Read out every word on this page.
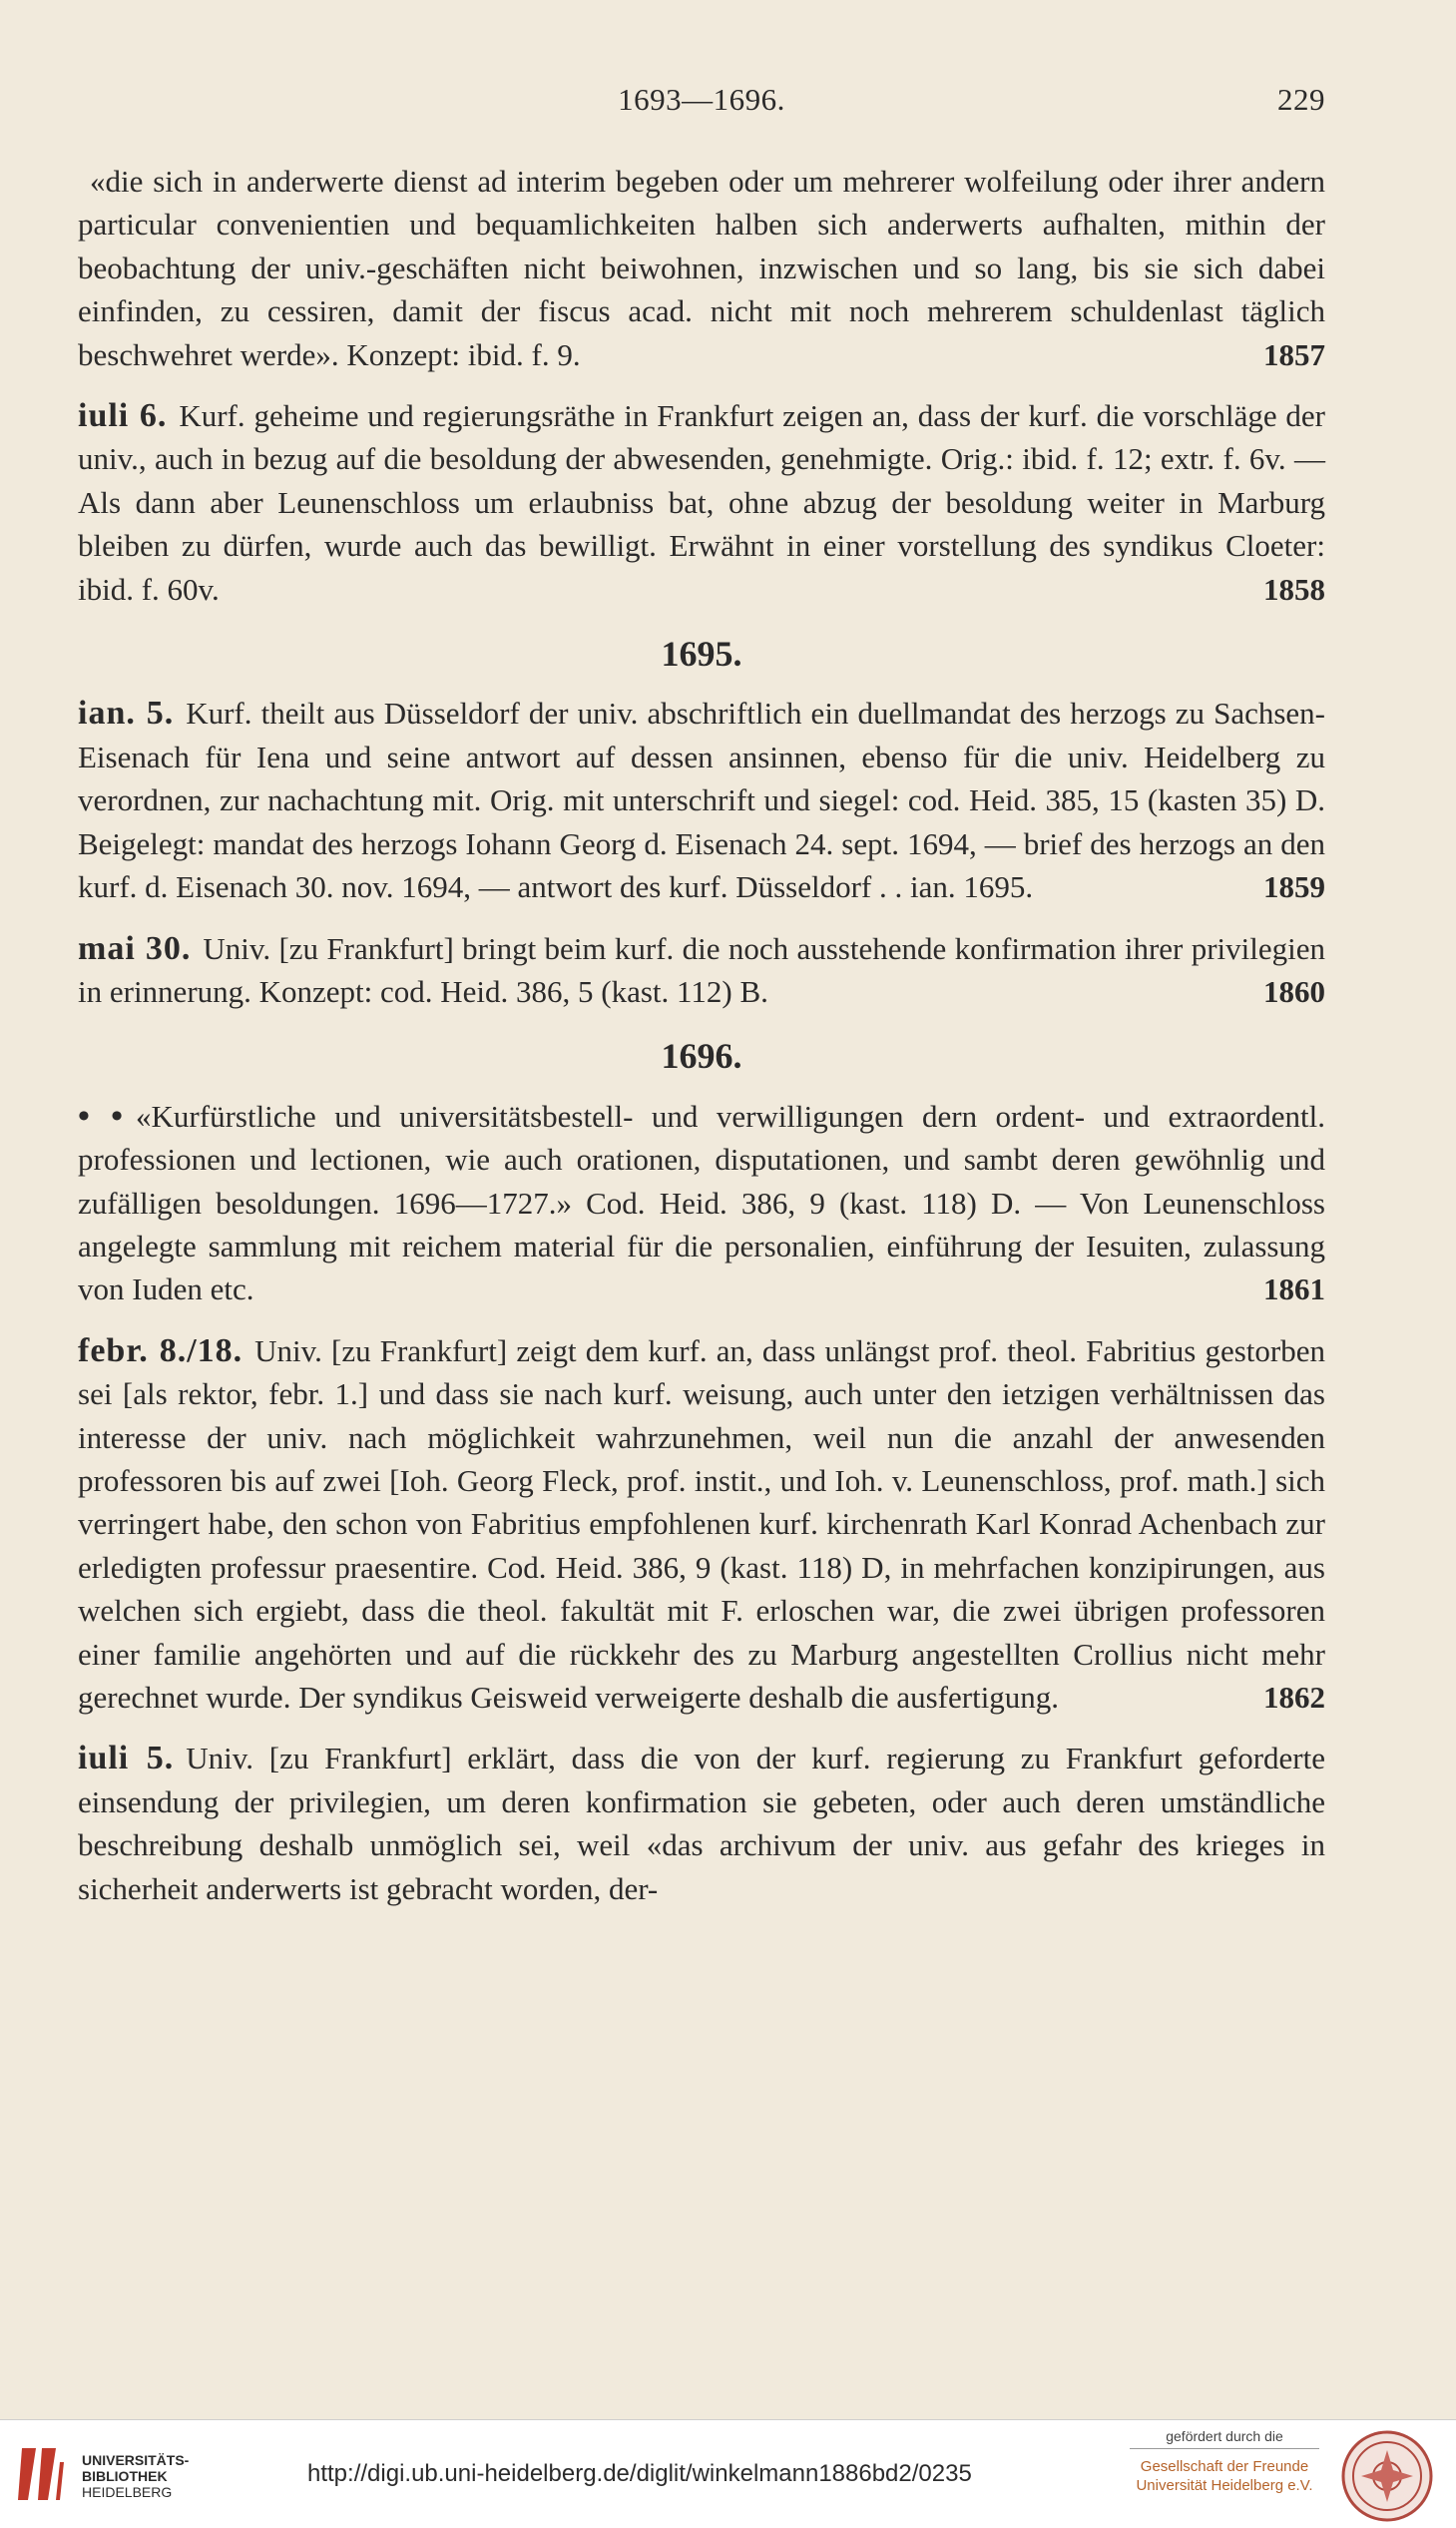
1693—1696.	229

«die sich in anderwerte dienst ad interim begeben oder um mehrerer wolfeilung oder ihrer andern particular convenientien und bequamlichkeiten halben sich anderwerts aufhalten, mithin der beobachtung der univ.-geschäften nicht beiwohnen, inzwischen und so lang, bis sie sich dabei einfinden, zu cessiren, damit der fiscus acad. nicht mit noch mehrerem schuldenlast täglich beschwehret werde». Konzept: ibid. f. 9.	1857

iuli 6. Kurf. geheime und regierungsräthe in Frankfurt zeigen an, dass der kurf. die vorschläge der univ., auch in bezug auf die besoldung der abwesenden, genehmigte. Orig.: ibid. f. 12; extr. f. 6v. — Als dann aber Leunenschloss um erlaubniss bat, ohne abzug der besoldung weiter in Marburg bleiben zu dürfen, wurde auch das bewilligt. Erwähnt in einer vorstellung des syndikus Cloeter: ibid. f. 60v.	1858

1695.

ian. 5. Kurf. theilt aus Düsseldorf der univ. abschriftlich ein duellmandat des herzogs zu Sachsen-Eisenach für Iena und seine antwort auf dessen ansinnen, ebenso für die univ. Heidelberg zu verordnen, zur nachachtung mit. Orig. mit unterschrift und siegel: cod. Heid. 385, 15 (kasten 35) D. Beigelegt: mandat des herzogs Iohann Georg d. Eisenach 24. sept. 1694, — brief des herzogs an den kurf. d. Eisenach 30. nov. 1694, — antwort des kurf. Düsseldorf . . ian. 1695.	1859

mai 30. Univ. [zu Frankfurt] bringt beim kurf. die noch ausstehende konfirmation ihrer privilegien in erinnerung. Konzept: cod. Heid. 386, 5 (kast. 112) B.	1860

1696.

• • «Kurfürstliche und universitätsbestell- und verwilligungen dern ordent- und extraordentl. professionen und lectionen, wie auch orationen, disputationen, und sambt deren gewöhnlig und zufälligen besoldungen. 1696—1727.» Cod. Heid. 386, 9 (kast. 118) D. — Von Leunenschloss angelegte sammlung mit reichem material für die personalien, einführung der Iesuiten, zulassung von Iuden etc.	1861

febr. 8./18. Univ. [zu Frankfurt] zeigt dem kurf. an, dass unlängst prof. theol. Fabritius gestorben sei [als rektor, febr. 1.] und dass sie nach kurf. weisung, auch unter den ietzigen verhältnissen das interesse der univ. nach möglichkeit wahrzunehmen, weil nun die anzahl der anwesenden professoren bis auf zwei [Ioh. Georg Fleck, prof. instit., und Ioh. v. Leunenschloss, prof. math.] sich verringert habe, den schon von Fabritius empfohlenen kurf. kirchenrath Karl Konrad Achenbach zur erledigten professur praesentire. Cod. Heid. 386, 9 (kast. 118) D, in mehrfachen konzipirungen, aus welchen sich ergiebt, dass die theol. fakultät mit F. erloschen war, die zwei übrigen professoren einer familie angehörten und auf die rückkehr des zu Marburg angestellten Crollius nicht mehr gerechnet wurde. Der syndikus Geisweid verweigerte deshalb die ausfertigung.	1862

iuli 5. Univ. [zu Frankfurt] erklärt, dass die von der kurf. regierung zu Frankfurt geforderte einsendung der privilegien, um deren konfirmation sie gebeten, oder auch deren umständliche beschreibung deshalb unmöglich sei, weil «das archivum der univ. aus gefahr des krieges in sicherheit anderwerts ist gebracht worden, der-

UNIVERSITÄTS-
BIBLIOTHEK
HEIDELBERG
http://digi.ub.uni-heidelberg.de/diglit/winkelmann1886bd2/0235
gefördert durch die
Gesellschaft der Freunde
Universität Heidelberg e.V.
